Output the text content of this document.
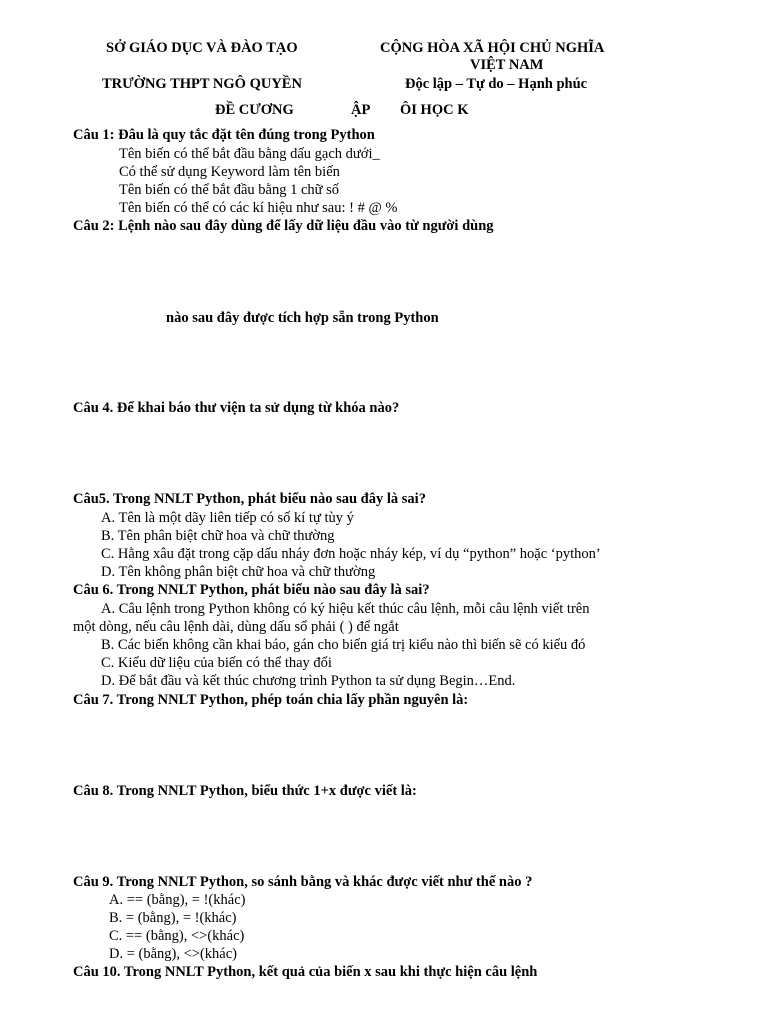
SỞ GIÁO DỤC VÀ ĐÀO TẠO	CỘNG HÒA XÃ HỘI CHỦ NGHĨA
VIỆT NAM
TRƯỜNG THPT NGÔ QUYỀN	Độc lập – Tự do – Hạnh phúc
ĐỀ CƯƠNG	ẬP ÔI HỌC K
Câu 1: Đâu là quy tắc đặt tên đúng trong Python
Tên biến có thể bắt đầu bằng dấu gạch dưới_
Có thể sử dụng Keyword làm tên biến
Tên biến có thể bắt đầu bằng 1 chữ số
Tên biến có thể có các kí hiệu như sau: ! # @ %
Câu 2: Lệnh nào sau đây dùng để lấy dữ liệu đầu vào từ người dùng
nào sau đây được tích hợp sẵn trong Python
Câu 4. Để khai báo thư viện ta sử dụng từ khóa nào?
Câu5. Trong NNLT Python, phát biểu nào sau đây là sai?
A. Tên là một dãy liên tiếp có số kí tự tùy ý
B. Tên phân biệt chữ hoa và chữ thường
C. Hằng xâu đặt trong cặp dấu nháy đơn hoặc nháy kép, ví dụ “python” hoặc ‘python’
D. Tên không phân biệt chữ hoa và chữ thường
Câu 6. Trong NNLT Python, phát biểu nào sau đây là sai?
A. Câu lệnh trong Python không có ký hiệu kết thúc câu lệnh, mỗi câu lệnh viết trên
một dòng, nếu câu lệnh dài, dùng dấu sổ phải ( ) để ngắt
B. Các biến không cần khai báo, gán cho biến giá trị kiểu nào thì biến sẽ có kiểu đó
C. Kiểu dữ liệu của biến có thể thay đổi
D. Để bắt đầu và kết thúc chương trình Python ta sử dụng Begin…End.
Câu 7. Trong NNLT Python, phép toán chia lấy phần nguyên là:
Câu 8. Trong NNLT Python, biểu thức 1+x được viết là:
Câu 9. Trong NNLT Python, so sánh bằng và khác được viết như thế nào ?
A. == (bằng), = !(khác)
B. = (bằng), = !(khác)
C. == (bằng), <>(khác)
D. = (bằng), <>(khác)
Câu 10. Trong NNLT Python, kết quả của biến x sau khi thực hiện câu lệnh
